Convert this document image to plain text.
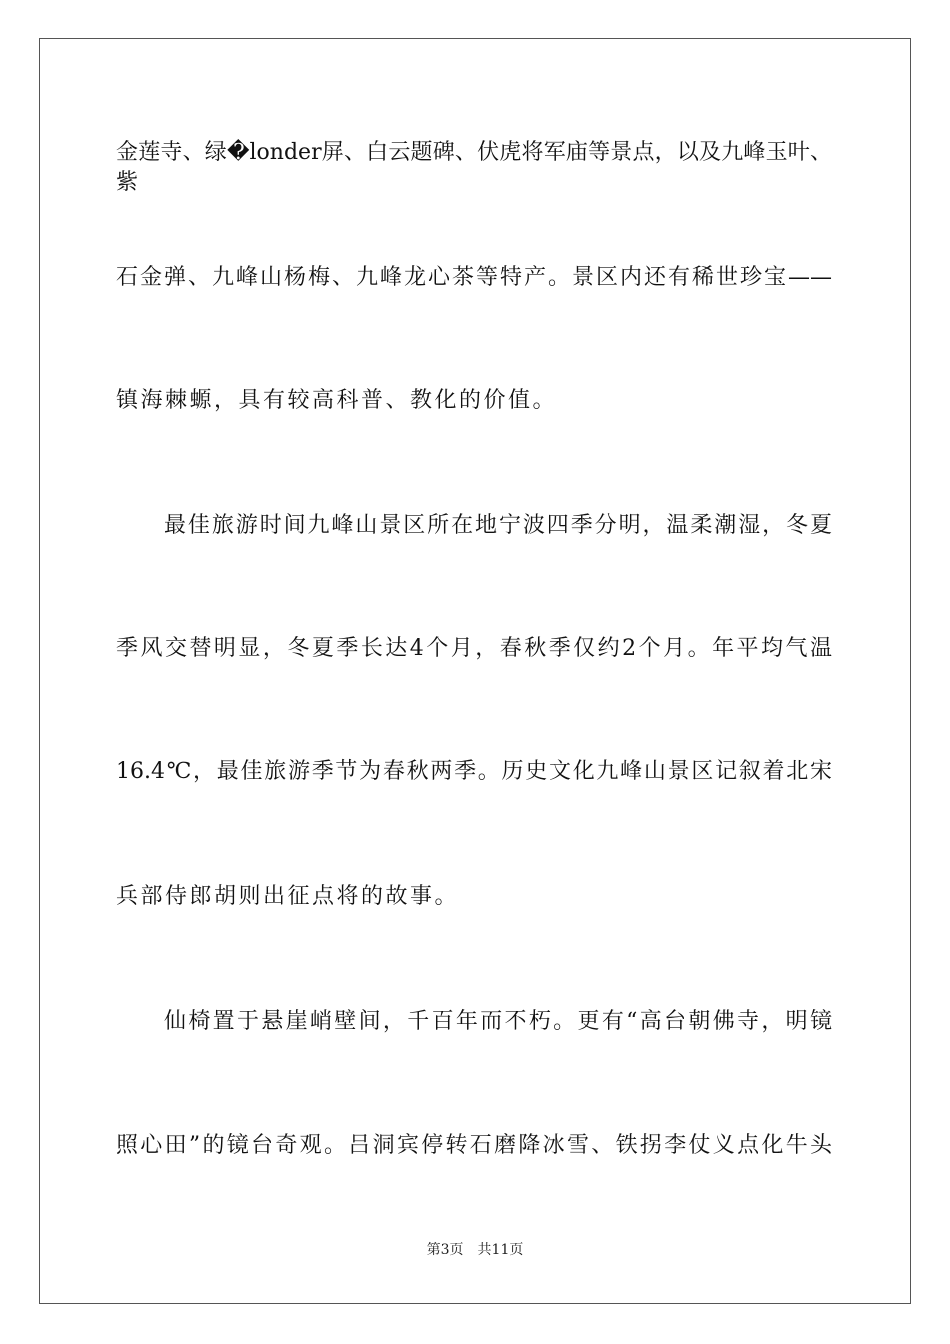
金莲寺、绿�londer屏、白云题碑、伏虎将军庙等景点，以及九峰玉叶、紫
石金弹、九峰山杨梅、九峰龙心茶等特产。景区内还有稀世珍宝——
镇海棘螈，具有较高科普、教化的价值。
最佳旅游时间九峰山景区所在地宁波四季分明，温柔潮湿，冬夏
季风交替明显，冬夏季长达4个月，春秋季仅约2个月。年平均气温
16.4℃，最佳旅游季节为春秋两季。历史文化九峰山景区记叙着北宋
兵部侍郎胡则出征点将的故事。
仙椅置于悬崖峭壁间，千百年而不朽。更有“高台朝佛寺，明镜
照心田”的镜台奇观。吕洞宾停转石磨降冰雪、铁拐李仗义点化牛头
第3页 共11页
